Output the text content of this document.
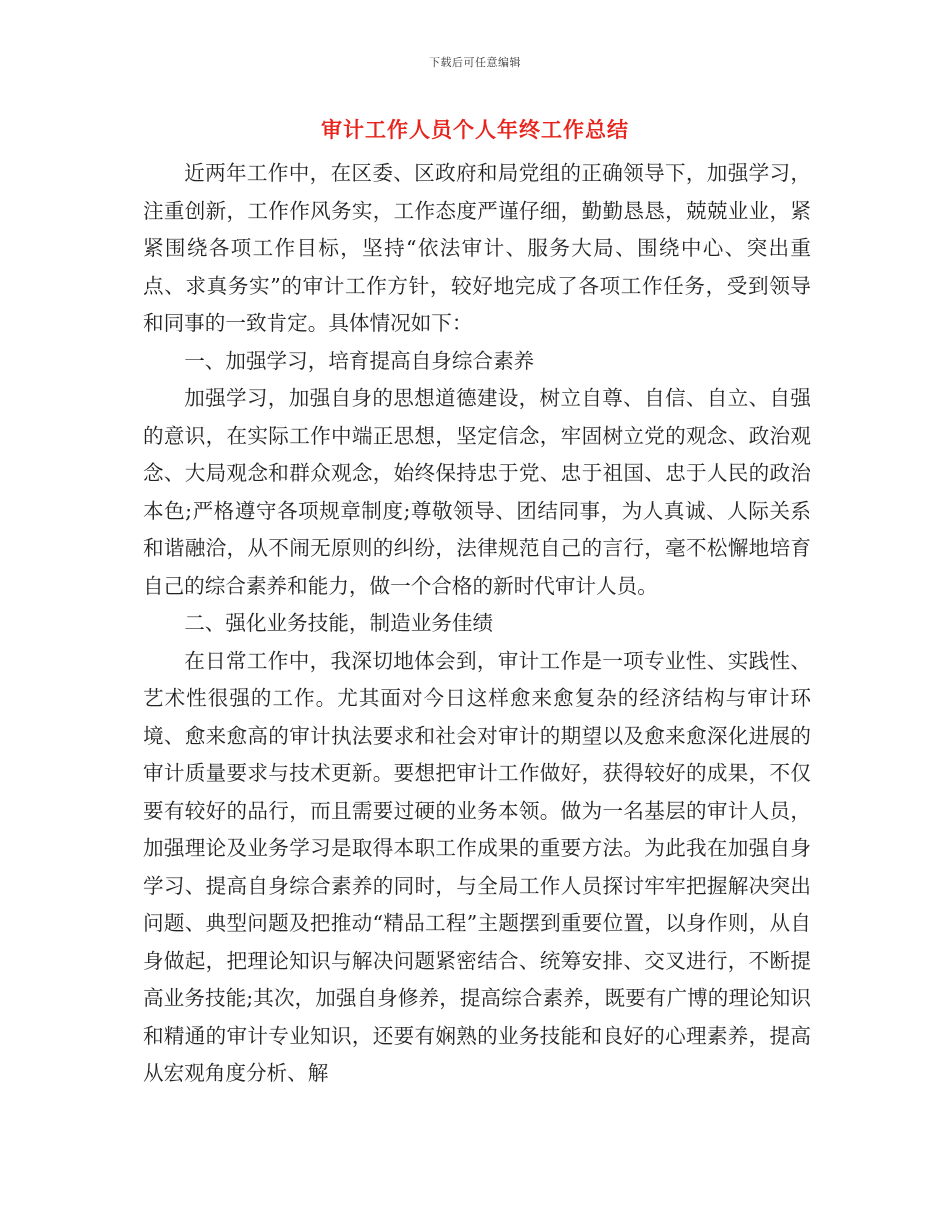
下载后可任意编辑
审计工作人员个人年终工作总结

近两年工作中，在区委、区政府和局党组的正确领导下，加强学习，注重创新，工作作风务实，工作态度严谨仔细，勤勤恳恳，兢兢业业，紧紧围绕各项工作目标，坚持“依法审计、服务大局、围绕中心、突出重点、求真务实”的审计工作方针，较好地完成了各项工作任务，受到领导和同事的一致肯定。具体情况如下：

一、加强学习，培育提高自身综合素养

加强学习，加强自身的思想道德建设，树立自尊、自信、自立、自强的意识，在实际工作中端正思想，坚定信念，牢固树立党的观念、政治观念、大局观念和群众观念，始终保持忠于党、忠于祖国、忠于人民的政治本色;严格遵守各项规章制度;尊敬领导、团结同事，为人真诚、人际关系和谐融洽，从不闹无原则的纠纷，法律规范自己的言行，毫不松懈地培育自己的综合素养和能力，做一个合格的新时代审计人员。

二、强化业务技能，制造业务佳绩

在日常工作中，我深切地体会到，审计工作是一项专业性、实践性、艺术性很强的工作。尤其面对今日这样愈来愈复杂的经济结构与审计环境、愈来愈高的审计执法要求和社会对审计的期望以及愈来愈深化进展的审计质量要求与技术更新。要想把审计工作做好，获得较好的成果，不仅要有较好的品行，而且需要过硬的业务本领。做为一名基层的审计人员，加强理论及业务学习是取得本职工作成果的重要方法。为此我在加强自身学习、提高自身综合素养的同时，与全局工作人员探讨牢牢把握解决突出问题、典型问题及把推动“精品工程”主题摆到重要位置，以身作则，从自身做起，把理论知识与解决问题紧密结合、统筹安排、交叉进行，不断提高业务技能;其次，加强自身修养，提高综合素养，既要有广博的理论知识和精通的审计专业知识，还要有娴熟的业务技能和良好的心理素养，提高从宏观角度分析、解
